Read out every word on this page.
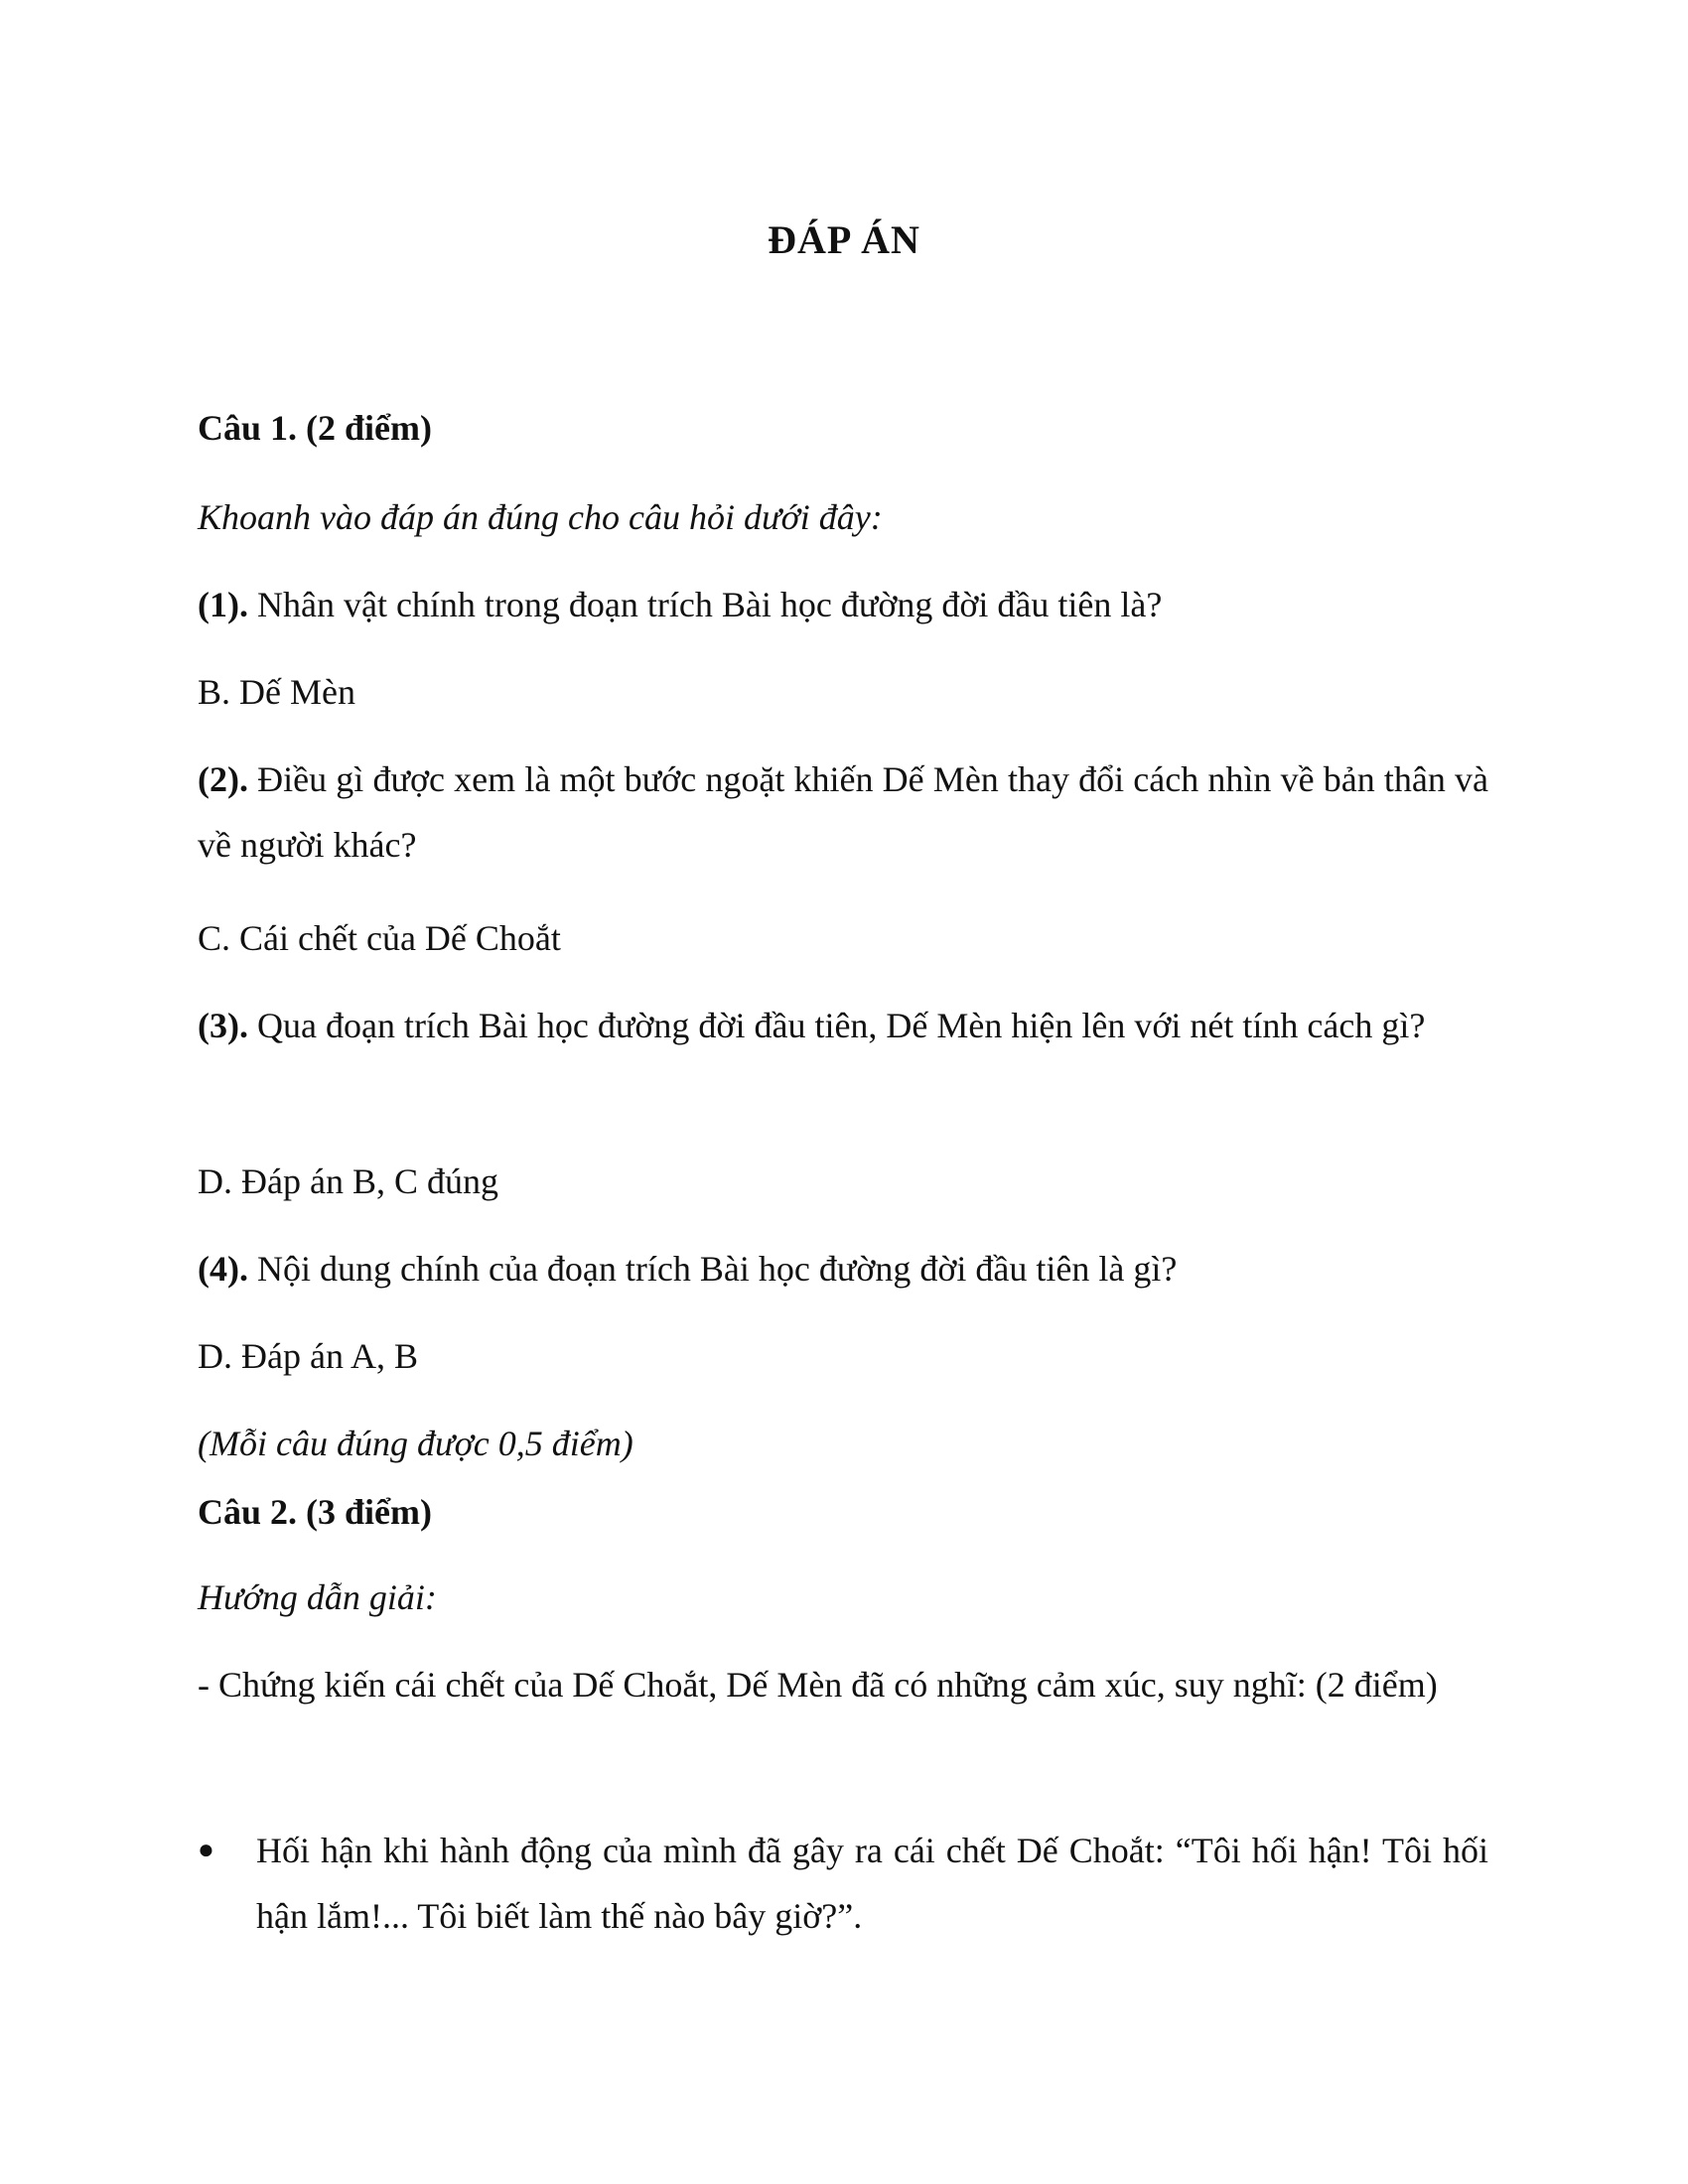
ĐÁP ÁN
Câu 1. (2 điểm)
Khoanh vào đáp án đúng cho câu hỏi dưới đây:
(1). Nhân vật chính trong đoạn trích Bài học đường đời đầu tiên là?
B. Dế Mèn
(2). Điều gì được xem là một bước ngoặt khiến Dế Mèn thay đổi cách nhìn về bản thân và về người khác?
C. Cái chết của Dế Choắt
(3). Qua đoạn trích Bài học đường đời đầu tiên, Dế Mèn hiện lên với nét tính cách gì?
D. Đáp án B, C đúng
(4). Nội dung chính của đoạn trích Bài học đường đời đầu tiên là gì?
D. Đáp án A, B
(Mỗi câu đúng được 0,5 điểm)
Câu 2. (3 điểm)
Hướng dẫn giải:
- Chứng kiến cái chết của Dế Choắt, Dế Mèn đã có những cảm xúc, suy nghĩ: (2 điểm)
●	Hối hận khi hành động của mình đã gây ra cái chết Dế Choắt: “Tôi hối hận! Tôi hối hận lắm!... Tôi biết làm thế nào bây giờ?”.
